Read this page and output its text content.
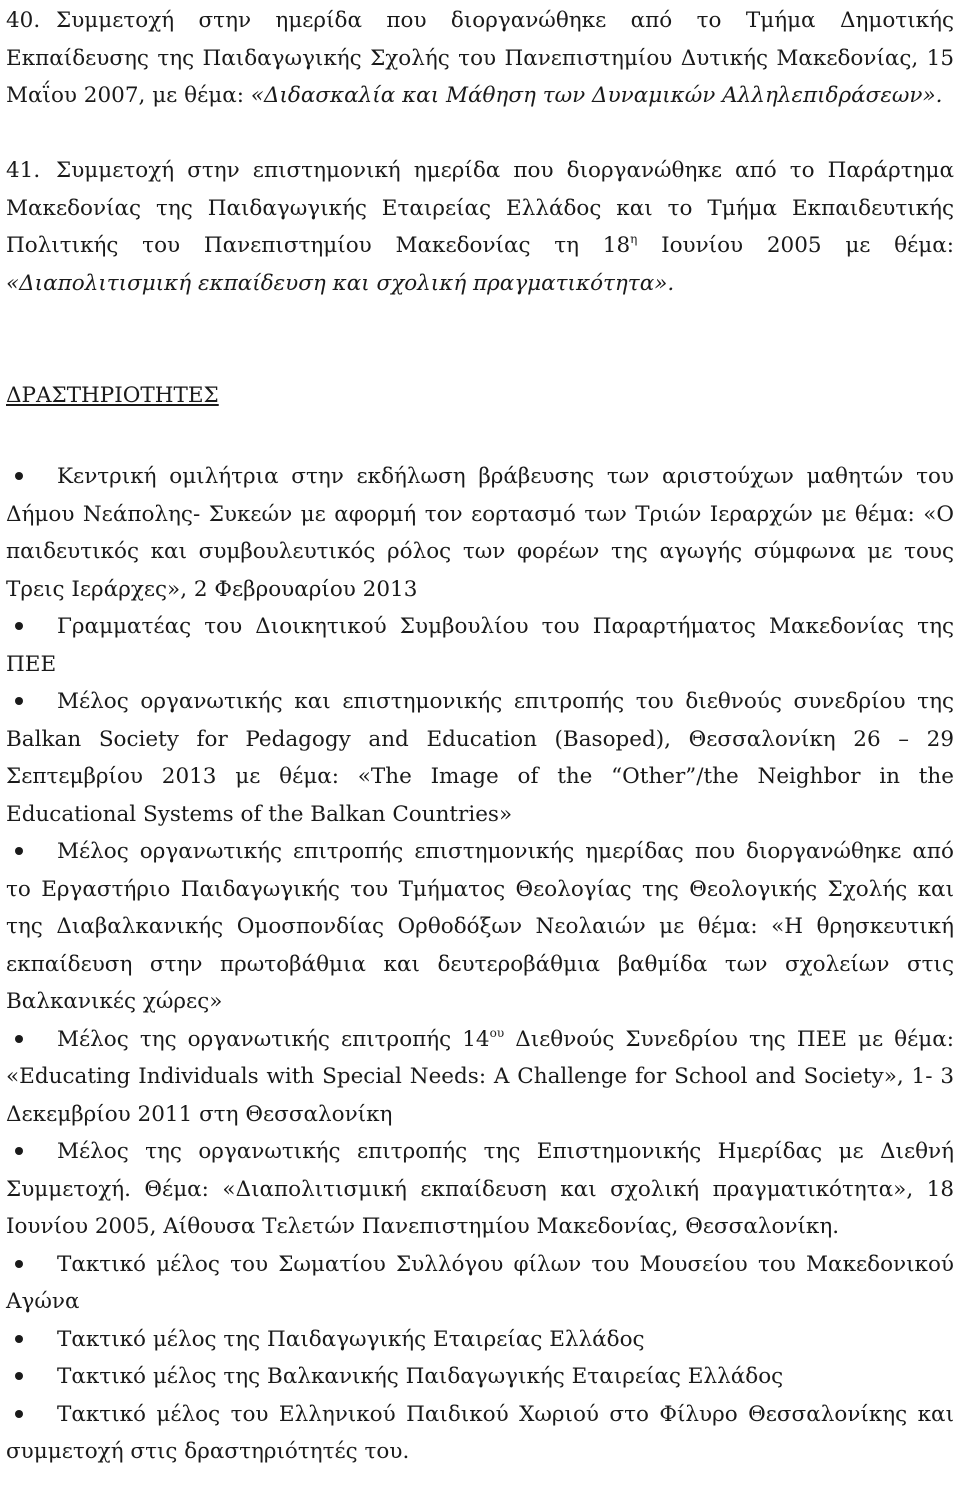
40. Συμμετοχή στην ημερίδα που διοργανώθηκε από το Τμήμα Δημοτικής Εκπαίδευσης της Παιδαγωγικής Σχολής του Πανεπιστημίου Δυτικής Μακεδονίας, 15 Μαΐου 2007, με θέμα: «Διδασκαλία και Μάθηση των Δυναμικών Αλληλεπιδράσεων».

41. Συμμετοχή στην επιστημονική ημερίδα που διοργανώθηκε από το Παράρτημα Μακεδονίας της Παιδαγωγικής Εταιρείας Ελλάδος και το Τμήμα Εκπαιδευτικής Πολιτικής του Πανεπιστημίου Μακεδονίας τη $18^\eta$ Ιουνίου 2005 με θέμα: «Διαπολιτισμική εκπαίδευση και σχολική πραγματικότητα».

ΔΡΑΣΤΗΡΙΟΤΗΤΕΣ
Κεντρική ομιλήτρια στην εκδήλωση βράβευσης των αριστούχων μαθητών του Δήμου Νεάπολης- Συκεών με αφορμή τον εορτασμό των Τριών Ιεραρχών με θέμα: «Ο παιδευτικός και συμβουλευτικός ρόλος των φορέων της αγωγής σύμφωνα με τους Τρεις Ιεράρχες», 2 Φεβρουαρίου 2013
Γραμματέας του Διοικητικού Συμβουλίου του Παραρτήματος Μακεδονίας της ΠΕΕ
Μέλος οργανωτικής και επιστημονικής επιτροπής του διεθνούς συνεδρίου της Balkan Society for Pedagogy and Education (Basoped), Θεσσαλονίκη 26 – 29 Σεπτεμβρίου 2013 με θέμα: «The Image of the “Other”/the Neighbor in the Educational Systems of the Balkan Countries»
Μέλος οργανωτικής επιτροπής επιστημονικής ημερίδας που διοργανώθηκε από το Εργαστήριο Παιδαγωγικής του Τμήματος Θεολογίας της Θεολογικής Σχολής και της Διαβαλκανικής Ομοσπονδίας Ορθοδόξων Νεολαιών με θέμα: «Η θρησκευτική εκπαίδευση στην πρωτοβάθμια και δευτεροβάθμια βαθμίδα των σχολείων στις Βαλκανικές χώρες»
Μέλος της οργανωτικής επιτροπής $14^{o\upsilon}$ Διεθνούς Συνεδρίου της ΠΕΕ με θέμα: «Educating Individuals with Special Needs: A Challenge for School and Society», 1- 3 Δεκεμβρίου 2011 στη Θεσσαλονίκη
Μέλος της οργανωτικής επιτροπής της Επιστημονικής Ημερίδας με Διεθνή Συμμετοχή. Θέμα: «Διαπολιτισμική εκπαίδευση και σχολική πραγματικότητα», 18 Ιουνίου 2005, Αίθουσα Τελετών Πανεπιστημίου Μακεδονίας, Θεσσαλονίκη.
Τακτικό μέλος του Σωματίου Συλλόγου φίλων του Μουσείου του Μακεδονικού Αγώνα
Τακτικό μέλος της Παιδαγωγικής Εταιρείας Ελλάδος
Τακτικό μέλος της Βαλκανικής Παιδαγωγικής Εταιρείας Ελλάδος
Τακτικό μέλος του Ελληνικού Παιδικού Χωριού στο Φίλυρο Θεσσαλονίκης και συμμετοχή στις δραστηριότητές του.
